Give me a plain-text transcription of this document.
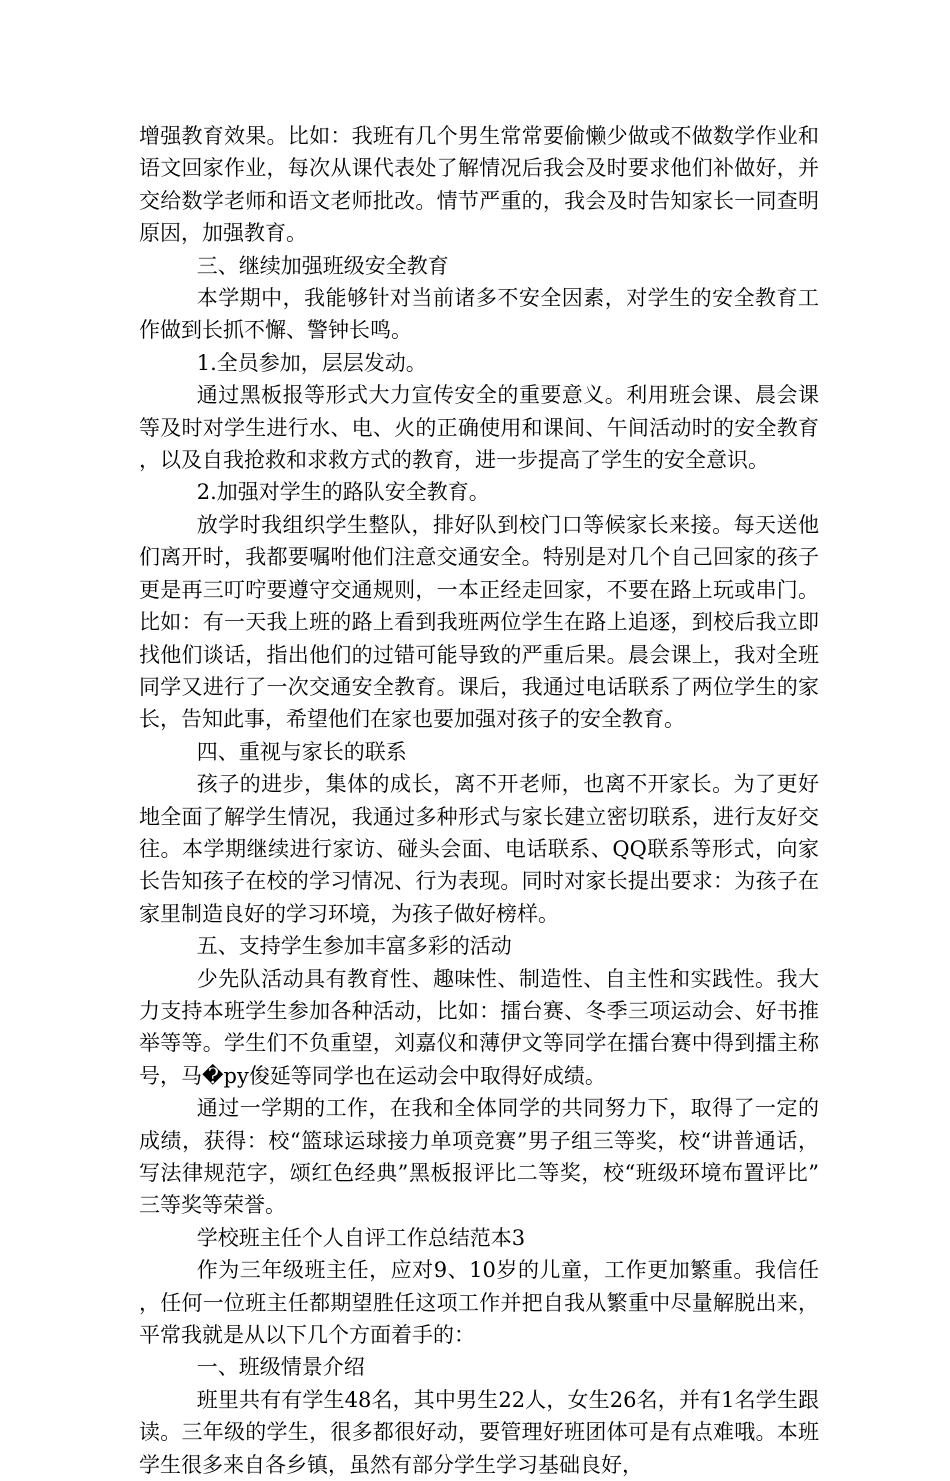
增强教育效果。比如：我班有几个男生常常要偷懒少做或不做数学作业和语文回家作业，每次从课代表处了解情况后我会及时要求他们补做好，并交给数学老师和语文老师批改。情节严重的，我会及时告知家长一同查明原因，加强教育。

三、继续加强班级安全教育

本学期中，我能够针对当前诸多不安全因素，对学生的安全教育工作做到长抓不懈、警钟长鸣。

1.全员参加，层层发动。

通过黑板报等形式大力宣传安全的重要意义。利用班会课、晨会课等及时对学生进行水、电、火的正确使用和课间、午间活动时的安全教育，以及自我抢救和求救方式的教育，进一步提高了学生的安全意识。

2.加强对学生的路队安全教育。

放学时我组织学生整队，排好队到校门口等候家长来接。每天送他们离开时，我都要嘱咐他们注意交通安全。特别是对几个自己回家的孩子更是再三叮咛要遵守交通规则，一本正经走回家，不要在路上玩或串门。比如：有一天我上班的路上看到我班两位学生在路上追逐，到校后我立即找他们谈话，指出他们的过错可能导致的严重后果。晨会课上，我对全班同学又进行了一次交通安全教育。课后，我通过电话联系了两位学生的家长，告知此事，希望他们在家也要加强对孩子的安全教育。

四、重视与家长的联系

孩子的进步，集体的成长，离不开老师，也离不开家长。为了更好地全面了解学生情况，我通过多种形式与家长建立密切联系，进行友好交往。本学期继续进行家访、碰头会面、电话联系、QQ联系等形式，向家长告知孩子在校的学习情况、行为表现。同时对家长提出要求：为孩子在家里制造良好的学习环境，为孩子做好榜样。

五、支持学生参加丰富多彩的活动

少先队活动具有教育性、趣味性、制造性、自主性和实践性。我大力支持本班学生参加各种活动，比如：擂台赛、冬季三项运动会、好书推举等等。学生们不负重望，刘嘉仪和薄伊文等同学在擂台赛中得到擂主称号，马�py俊延等同学也在运动会中取得好成绩。

通过一学期的工作，在我和全体同学的共同努力下，取得了一定的成绩，获得：校“篮球运球接力单项竞赛”男子组三等奖，校“讲普通话，写法律规范字，颂红色经典”黑板报评比二等奖，校“班级环境布置评比”三等奖等荣誉。

学校班主任个人自评工作总结范本3

作为三年级班主任，应对9、10岁的儿童，工作更加繁重。我信任，任何一位班主任都期望胜任这项工作并把自我从繁重中尽量解脱出来，平常我就是从以下几个方面着手的：

一、班级情景介绍

班里共有有学生48名，其中男生22人，女生26名，并有1名学生跟读。三年级的学生，很多都很好动，要管理好班团体可是有点难哦。本班学生很多来自各乡镇，虽然有部分学生学习基础良好，
